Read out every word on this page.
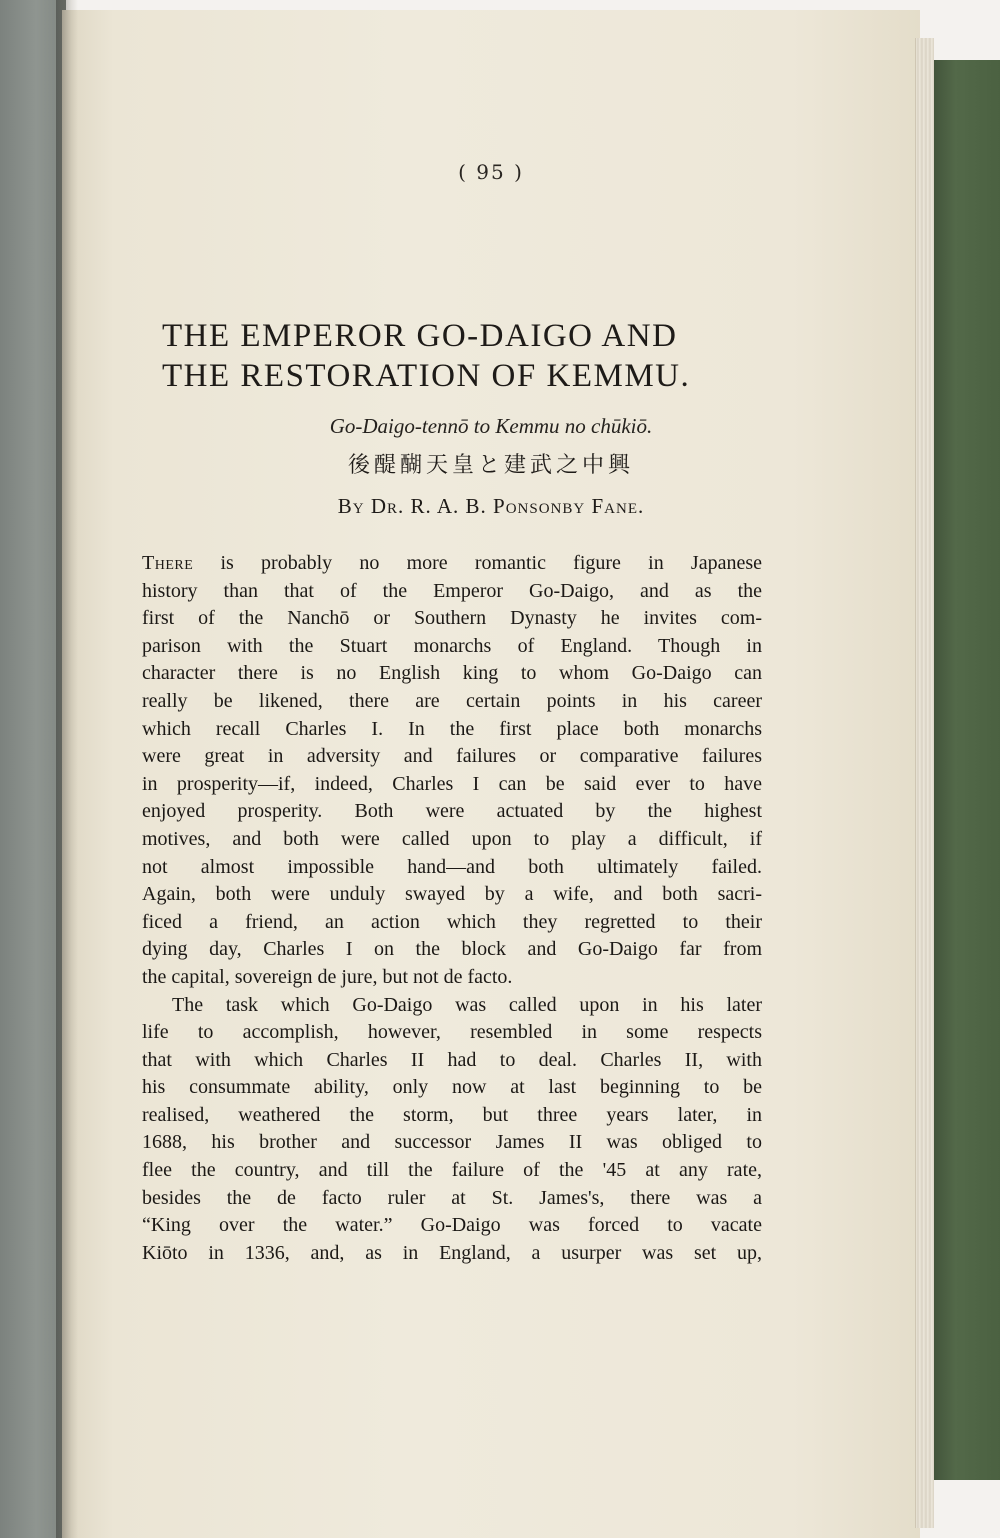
( 95 )
THE EMPEROR GO-DAIGO AND
THE RESTORATION OF KEMMU.
Go-Daigo-tennō to Kemmu no chūkiō.
後醍醐天皇と建武之中興
By Dr. R. A. B. Ponsonby Fane.
There is probably no more romantic figure in Japanese
history than that of the Emperor Go-Daigo, and as the
first of the Nanchō or Southern Dynasty he invites com-
parison with the Stuart monarchs of England. Though in
character there is no English king to whom Go-Daigo can
really be likened, there are certain points in his career
which recall Charles I. In the first place both monarchs
were great in adversity and failures or comparative failures
in prosperity—if, indeed, Charles I can be said ever to have
enjoyed prosperity. Both were actuated by the highest
motives, and both were called upon to play a difficult, if
not almost impossible hand—and both ultimately failed.
Again, both were unduly swayed by a wife, and both sacri-
ficed a friend, an action which they regretted to their
dying day, Charles I on the block and Go-Daigo far from
the capital, sovereign de jure, but not de facto.
The task which Go-Daigo was called upon in his later
life to accomplish, however, resembled in some respects
that with which Charles II had to deal. Charles II, with
his consummate ability, only now at last beginning to be
realised, weathered the storm, but three years later, in
1688, his brother and successor James II was obliged to
flee the country, and till the failure of the '45 at any rate,
besides the de facto ruler at St. James's, there was a
“King over the water.” Go-Daigo was forced to vacate
Kiōto in 1336, and, as in England, a usurper was set up,
